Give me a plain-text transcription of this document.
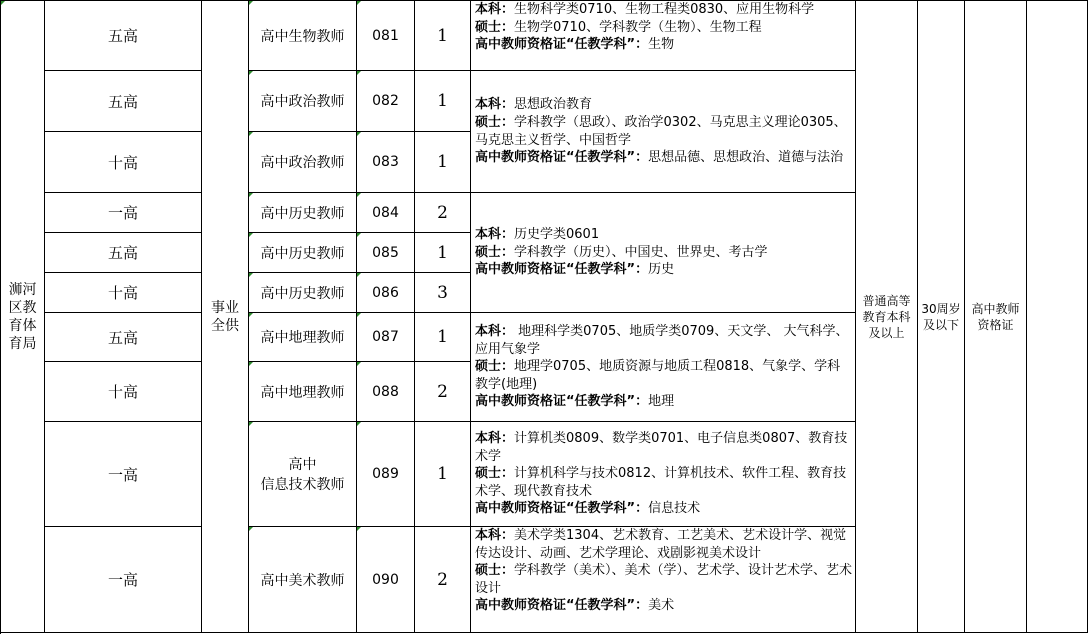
浉河区教育体育局
五高
五高
十高
一高
五高
十高
五高
十高
一高
一高
事业全供
高中生物教师
高中政治教师
高中政治教师
高中历史教师
高中历史教师
高中历史教师
高中地理教师
高中地理教师
高中
信息技术教师
高中美术教师
081
082
083
084
085
086
087
088
089
090
1
1
1
2
1
3
1
2
1
2
本科：生物科学类0710、生物工程类0830、应用生物科学
硕士：生物学0710、学科教学（生物）、生物工程
高中教师资格证“任教学科”：生物
本科：思想政治教育
硕士：学科教学（思政）、政治学0302、马克思主义理论0305、马克思主义哲学、中国哲学
高中教师资格证“任教学科”：思想品德、思想政治、道德与法治
本科：历史学类0601
硕士：学科教学（历史）、中国史、世界史、考古学
高中教师资格证“任教学科”：历史
本科： 地理科学类0705、地质学类0709、天文学、 大气科学、应用气象学
硕士：地理学0705、地质资源与地质工程0818、气象学、学科教学(地理)
高中教师资格证“任教学科”：地理
本科：计算机类0809、数学类0701、电子信息类0807、教育技术学
硕士：计算机科学与技术0812、计算机技术、软件工程、教育技术学、现代教育技术
高中教师资格证“任教学科”：信息技术
本科：美术学类1304、艺术教育、工艺美术、艺术设计学、视觉传达设计、动画、艺术学理论、戏剧影视美术设计
硕士：学科教学（美术）、美术（学）、艺术学、设计艺术学、艺术设计
高中教师资格证“任教学科”：美术
普通高等教育本科及以上
30周岁及以下
高中教师资格证
